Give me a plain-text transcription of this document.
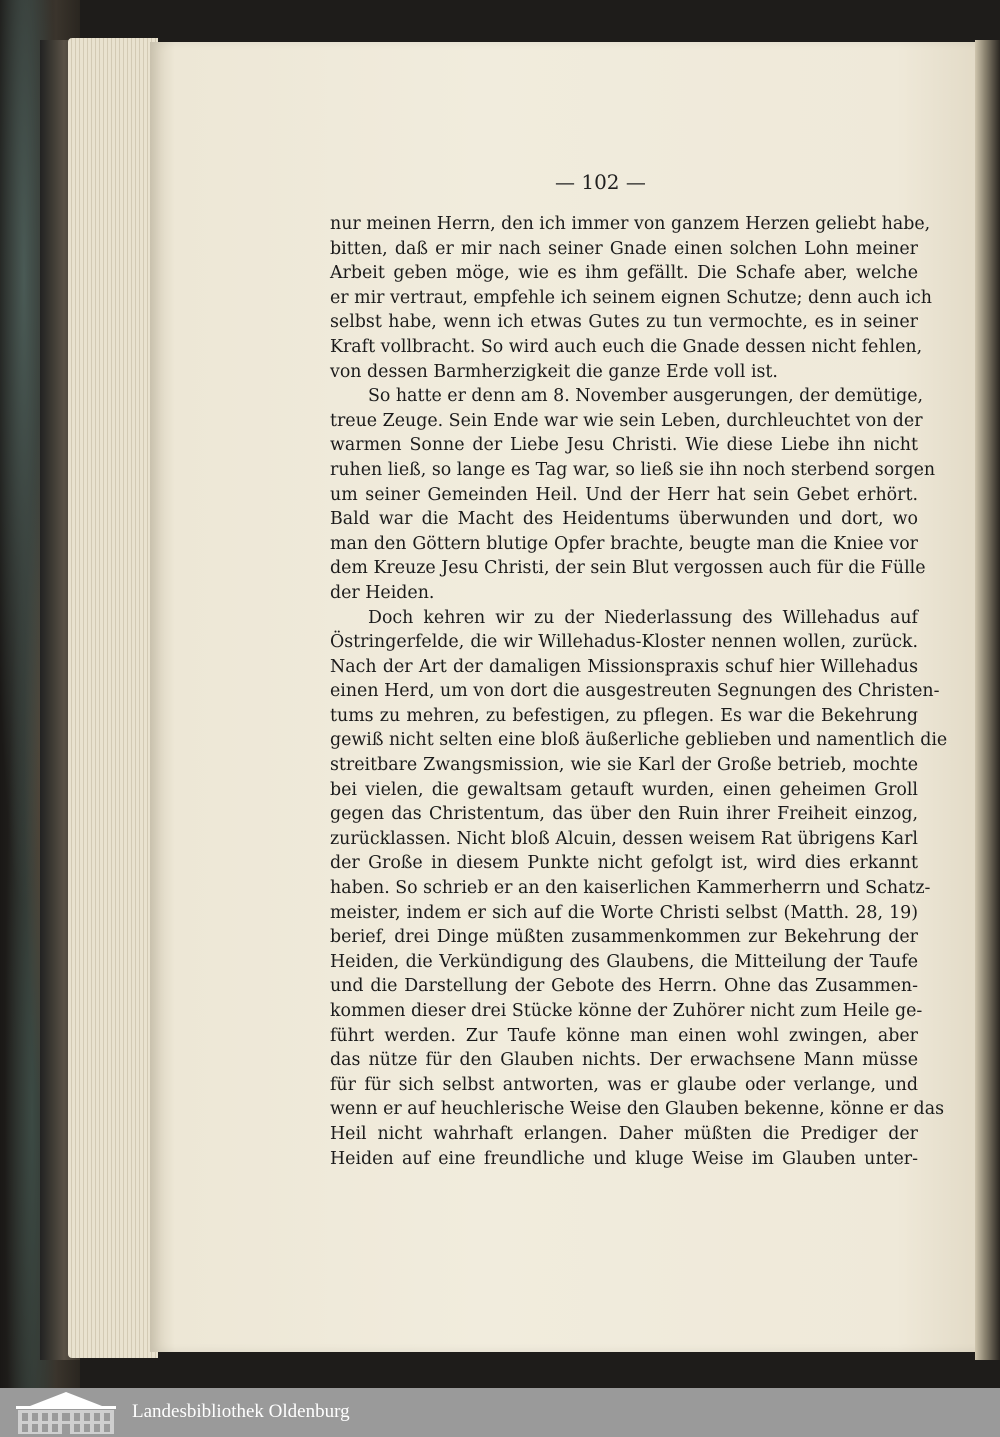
— 102 —
nur meinen Herrn, den ich immer von ganzem Herzen geliebt habe,
bitten, daß er mir nach seiner Gnade einen solchen Lohn meiner
Arbeit geben möge, wie es ihm gefällt. Die Schafe aber, welche
er mir vertraut, empfehle ich seinem eignen Schutze; denn auch ich
selbst habe, wenn ich etwas Gutes zu tun vermochte, es in seiner
Kraft vollbracht. So wird auch euch die Gnade dessen nicht fehlen,
von dessen Barmherzigkeit die ganze Erde voll ist.
So hatte er denn am 8. November ausgerungen, der demütige,
treue Zeuge. Sein Ende war wie sein Leben, durchleuchtet von der
warmen Sonne der Liebe Jesu Christi. Wie diese Liebe ihn nicht
ruhen ließ, so lange es Tag war, so ließ sie ihn noch sterbend sorgen
um seiner Gemeinden Heil. Und der Herr hat sein Gebet erhört.
Bald war die Macht des Heidentums überwunden und dort, wo
man den Göttern blutige Opfer brachte, beugte man die Kniee vor
dem Kreuze Jesu Christi, der sein Blut vergossen auch für die Fülle
der Heiden.
Doch kehren wir zu der Niederlassung des Willehadus auf
Östringerfelde, die wir Willehadus-Kloster nennen wollen, zurück.
Nach der Art der damaligen Missionspraxis schuf hier Willehadus
einen Herd, um von dort die ausgestreuten Segnungen des Christen-
tums zu mehren, zu befestigen, zu pflegen. Es war die Bekehrung
gewiß nicht selten eine bloß äußerliche geblieben und namentlich die
streitbare Zwangsmission, wie sie Karl der Große betrieb, mochte
bei vielen, die gewaltsam getauft wurden, einen geheimen Groll
gegen das Christentum, das über den Ruin ihrer Freiheit einzog,
zurücklassen. Nicht bloß Alcuin, dessen weisem Rat übrigens Karl
der Große in diesem Punkte nicht gefolgt ist, wird dies erkannt
haben. So schrieb er an den kaiserlichen Kammerherrn und Schatz-
meister, indem er sich auf die Worte Christi selbst (Matth. 28, 19)
berief, drei Dinge müßten zusammenkommen zur Bekehrung der
Heiden, die Verkündigung des Glaubens, die Mitteilung der Taufe
und die Darstellung der Gebote des Herrn. Ohne das Zusammen-
kommen dieser drei Stücke könne der Zuhörer nicht zum Heile ge-
führt werden. Zur Taufe könne man einen wohl zwingen, aber
das nütze für den Glauben nichts. Der erwachsene Mann müsse
für für sich selbst antworten, was er glaube oder verlange, und
wenn er auf heuchlerische Weise den Glauben bekenne, könne er das
Heil nicht wahrhaft erlangen. Daher müßten die Prediger der
Heiden auf eine freundliche und kluge Weise im Glauben unter-
Landesbibliothek Oldenburg
